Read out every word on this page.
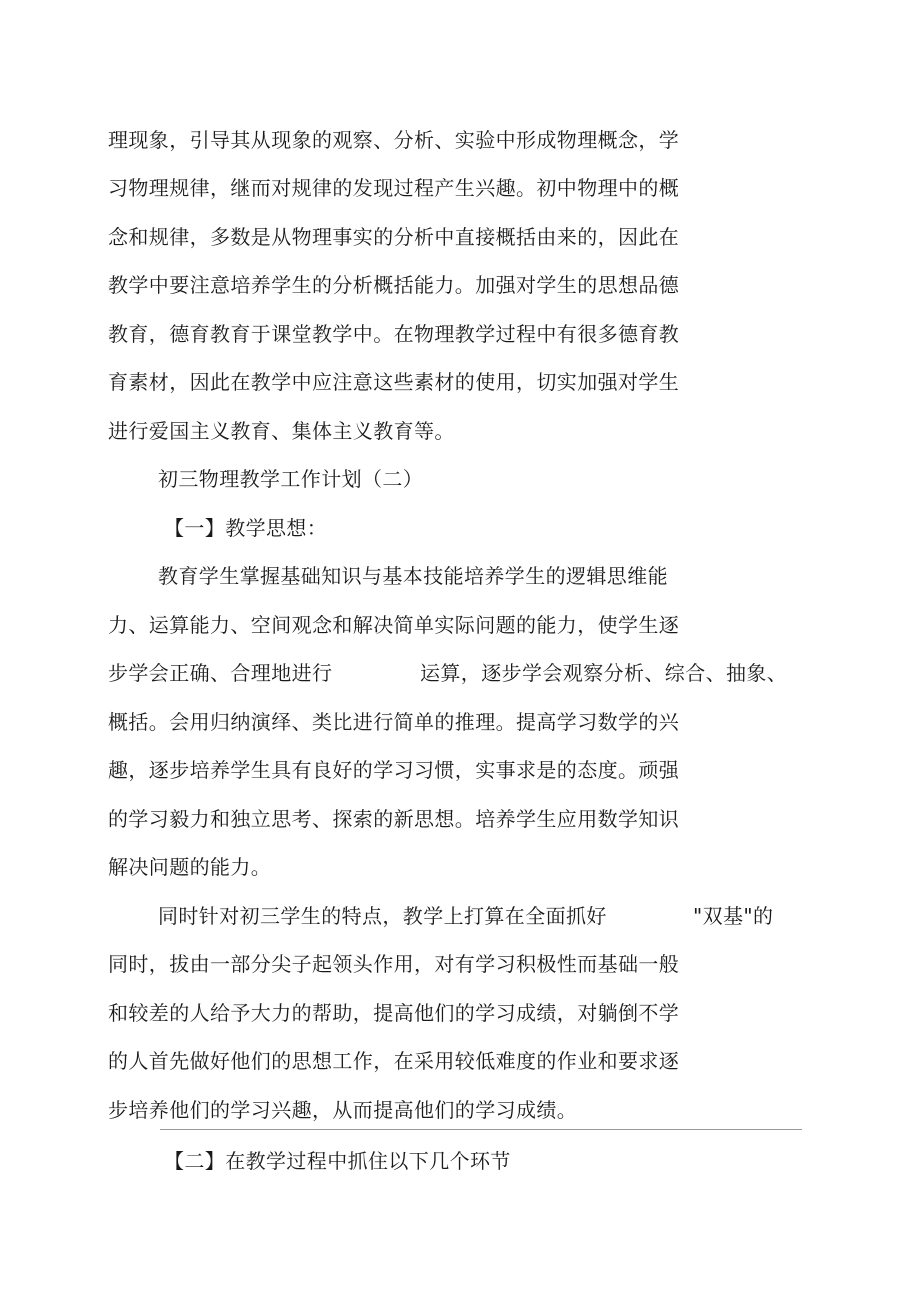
理现象，引导其从现象的观察、分析、实验中形成物理概念，学
习物理规律，继而对规律的发现过程产生兴趣。初中物理中的概
念和规律，多数是从物理事实的分析中直接概括由来的，因此在
教学中要注意培养学生的分析概括能力。加强对学生的思想品德
教育，德育教育于课堂教学中。在物理教学过程中有很多德育教
育素材，因此在教学中应注意这些素材的使用，切实加强对学生
进行爱国主义教育、集体主义教育等。
初三物理教学工作计划（二）
【一】教学思想：
教育学生掌握基础知识与基本技能培养学生的逻辑思维能
力、运算能力、空间观念和解决简单实际问题的能力，使学生逐
步学会正确、合理地进行	运算，逐步学会观察分析、综合、抽象、
概括。会用归纳演绎、类比进行简单的推理。提高学习数学的兴
趣，逐步培养学生具有良好的学习习惯，实事求是的态度。顽强
的学习毅力和独立思考、探索的新思想。培养学生应用数学知识
解决问题的能力。
同时针对初三学生的特点，教学上打算在全面抓好	"双基"的
同时，拔由一部分尖子起领头作用，对有学习积极性而基础一般
和较差的人给予大力的帮助，提高他们的学习成绩，对躺倒不学
的人首先做好他们的思想工作，在采用较低难度的作业和要求逐
步培养他们的学习兴趣，从而提高他们的学习成绩。
【二】在教学过程中抓住以下几个环节
